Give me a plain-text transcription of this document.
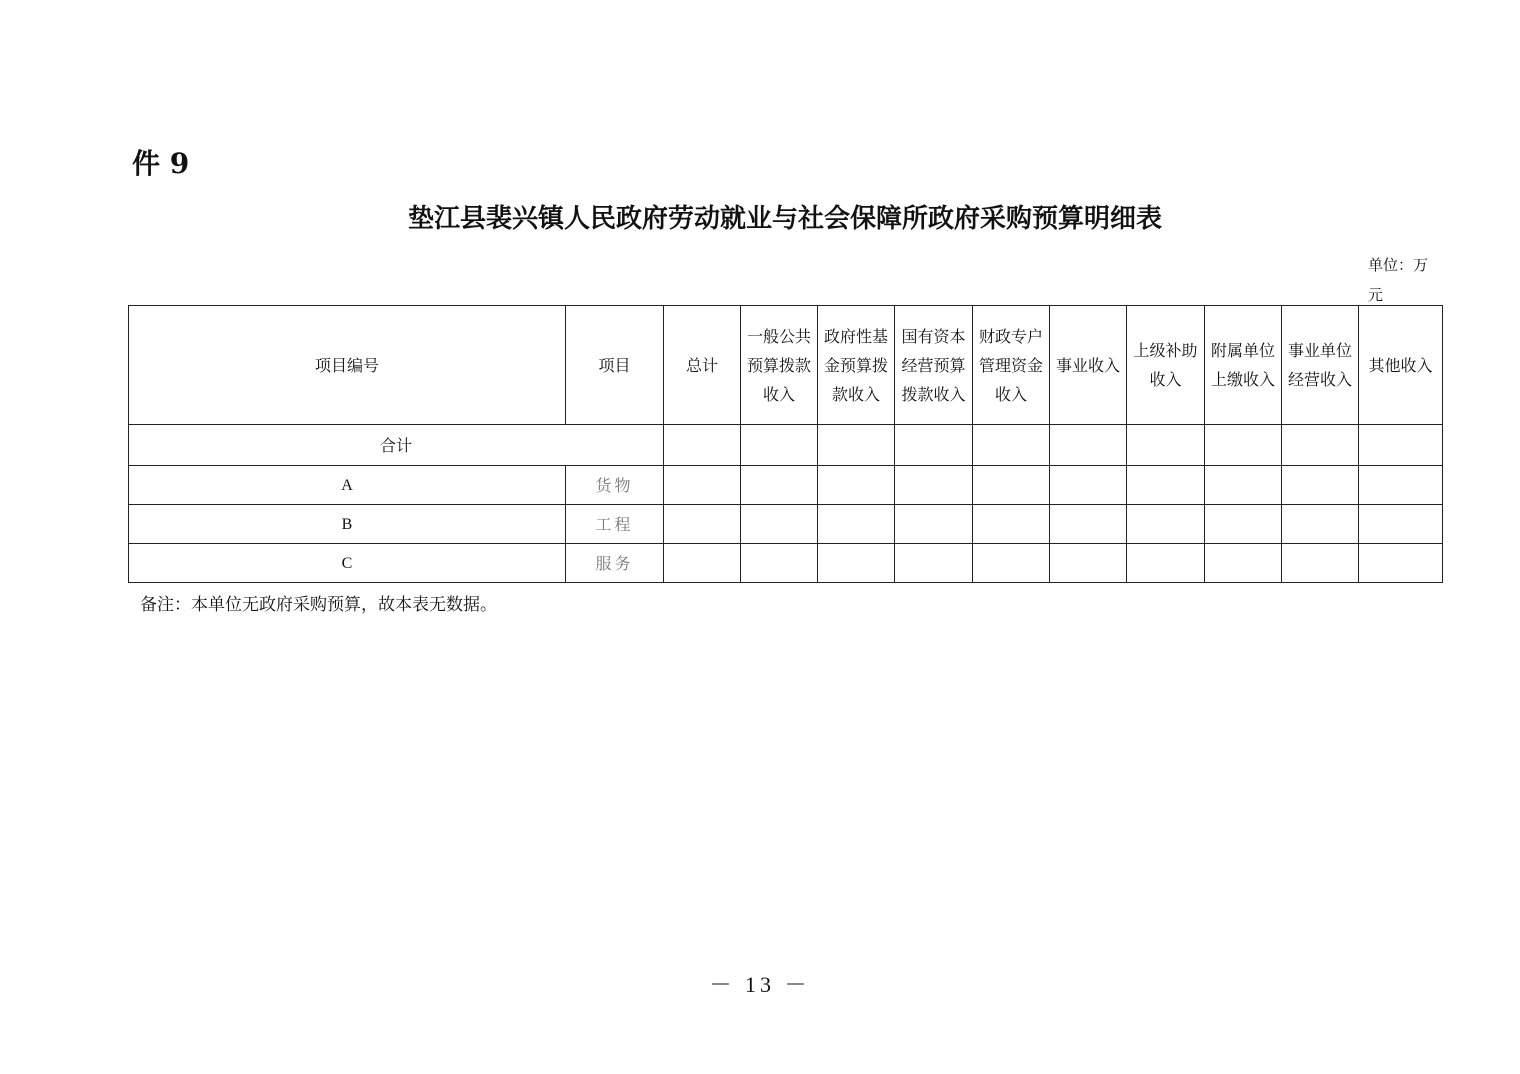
件 9
垫江县裴兴镇人民政府劳动就业与社会保障所政府采购预算明细表
单位：万元
项目编号	项目	总计	一般公共预算拨款收入	政府性基金预算拨款收入	国有资本经营预算拨款收入	财政专户管理资金收入	事业收入	上级补助收入	附属单位上缴收入	事业单位经营收入	其他收入
合计											
A	货物										
B	工程										
C	服务										
备注：本单位无政府采购预算，故本表无数据。
－ 13 －
